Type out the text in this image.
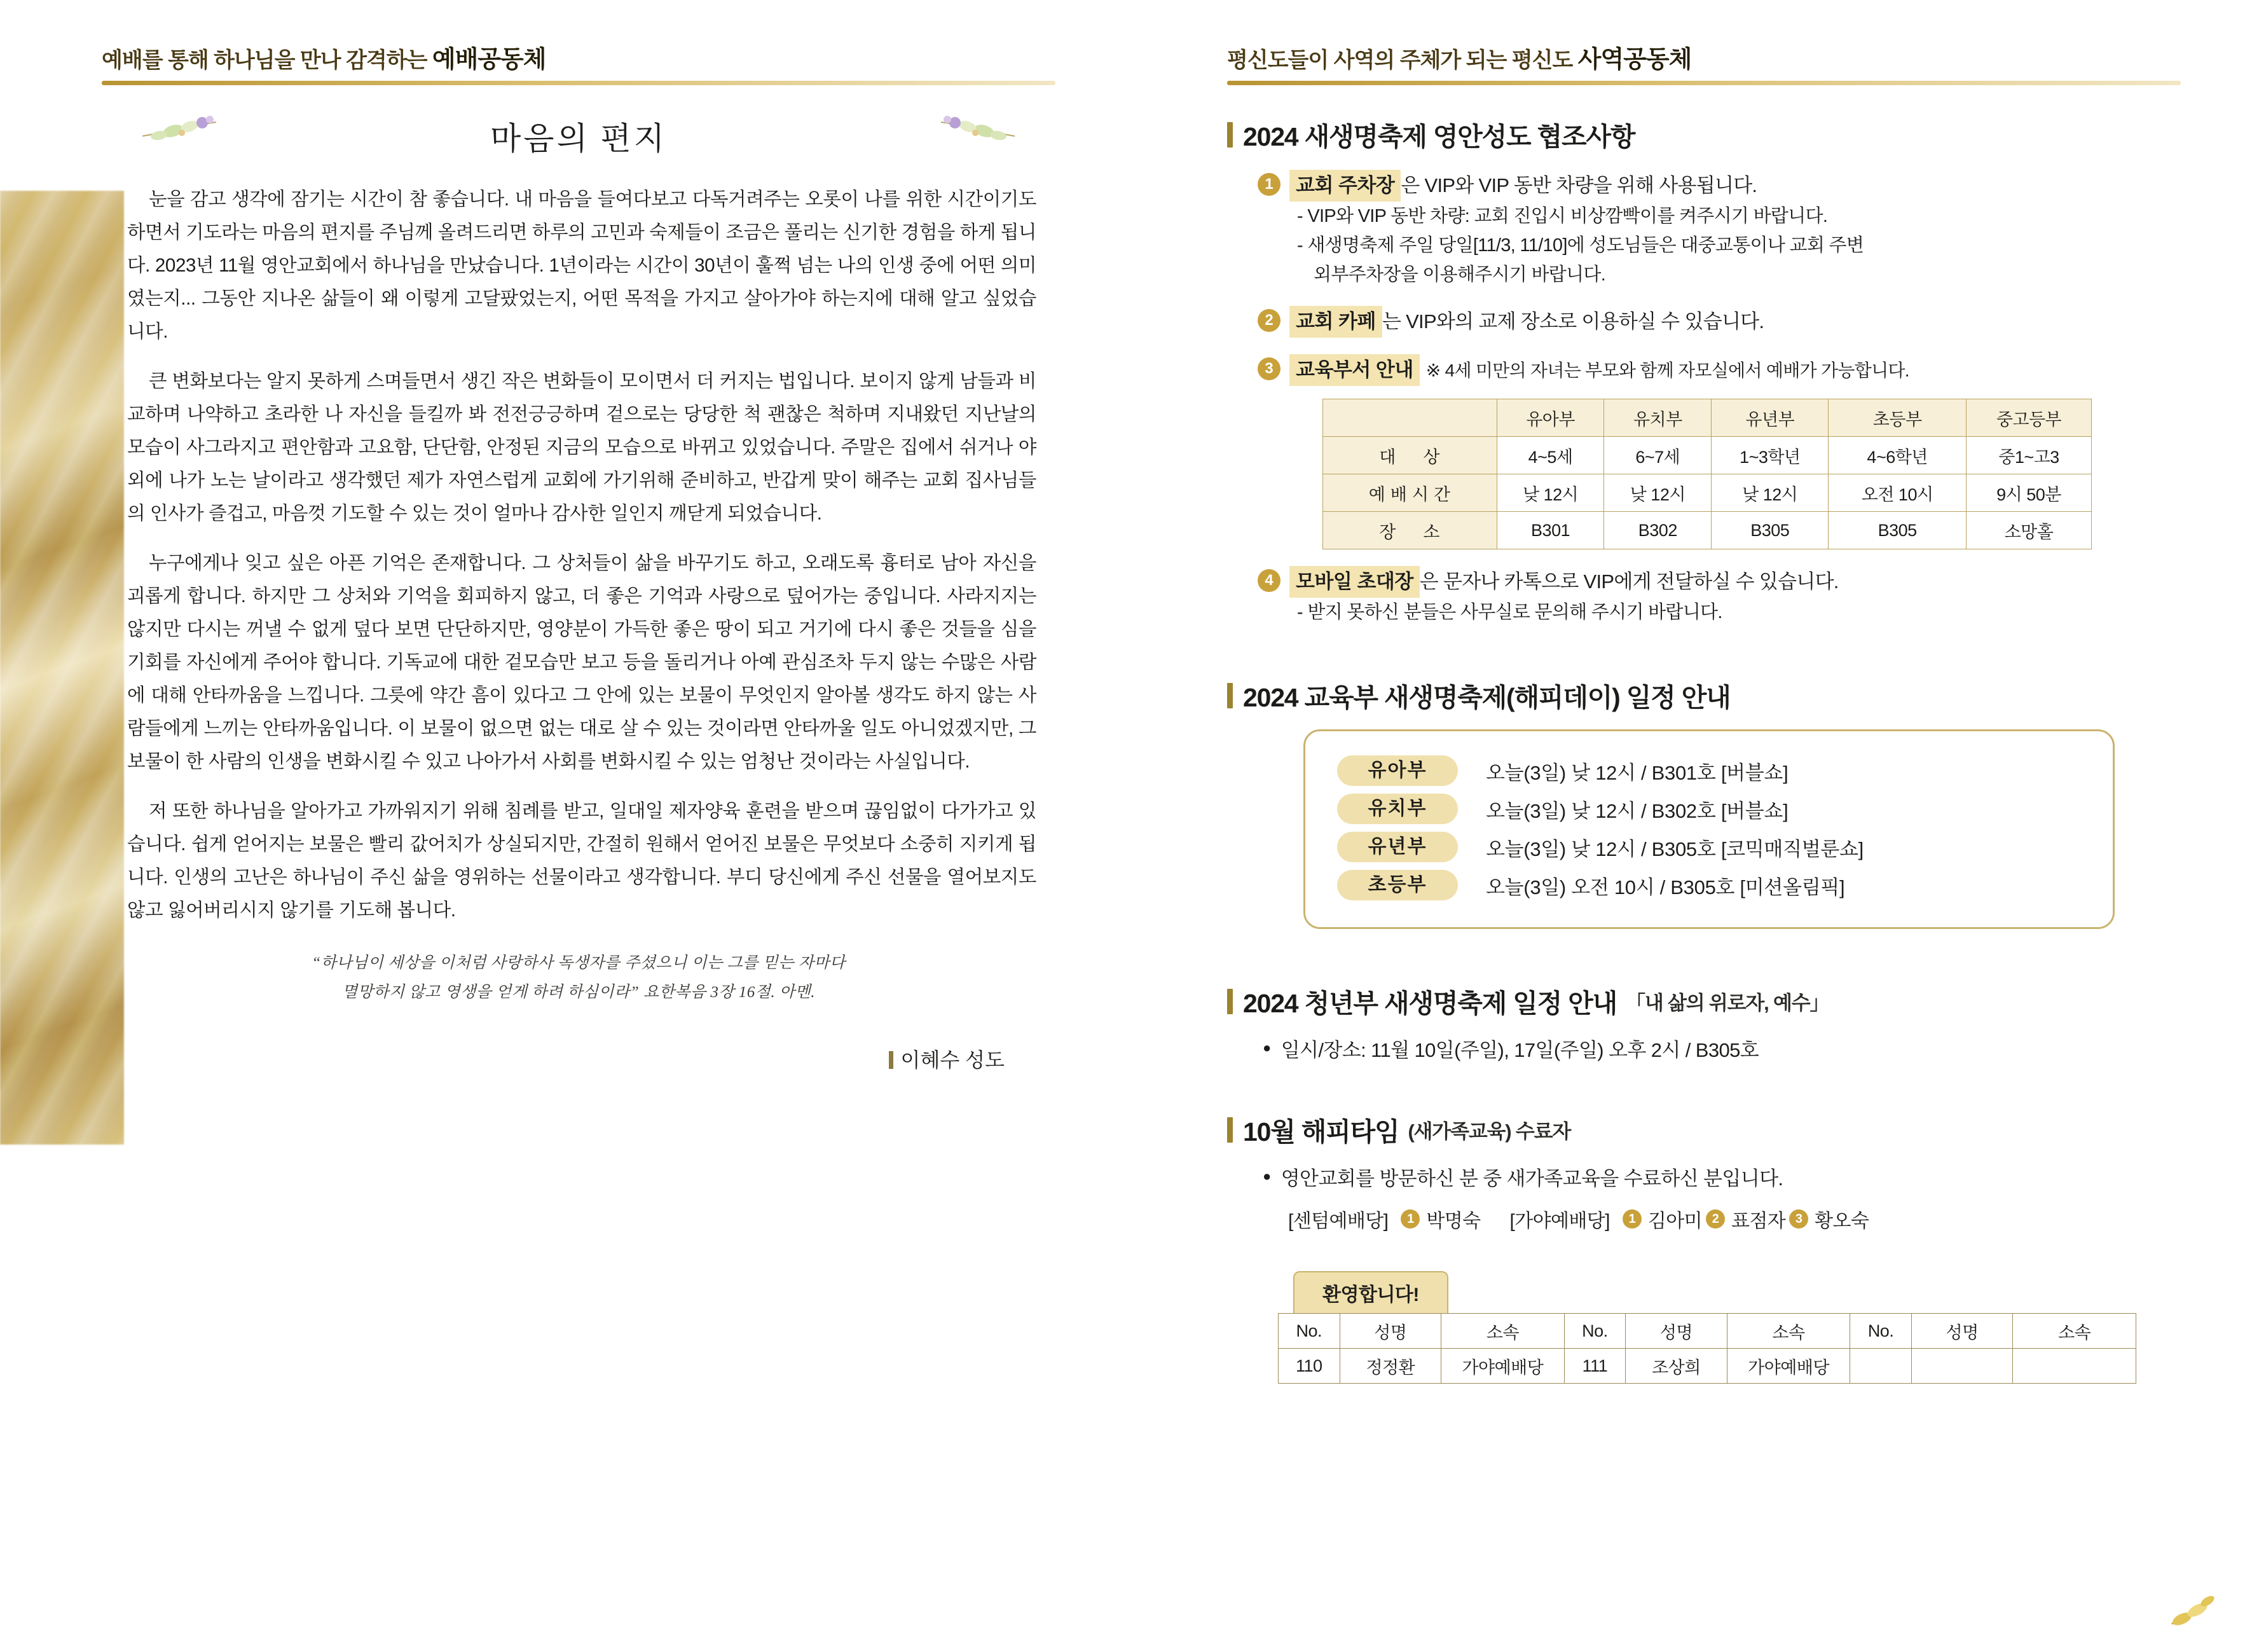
예배를 통해 하나님을 만나 감격하는 예배공동체
마음의 편지

눈을 감고 생각에 잠기는 시간이 참 좋습니다. 내 마음을 들여다보고 다독거려주는 오롯이 나를 위한 시간이기도 하면서 기도라는 마음의 편지를 주님께 올려드리면 하루의 고민과 숙제들이 조금은 풀리는 신기한 경험을 하게 됩니다. 2023년 11월 영안교회에서 하나님을 만났습니다. 1년이라는 시간이 30년이 훌쩍 넘는 나의 인생 중에 어떤 의미였는지... 그동안 지나온 삶들이 왜 이렇게 고달팠었는지, 어떤 목적을 가지고 살아가야 하는지에 대해 알고 싶었습니다.

큰 변화보다는 알지 못하게 스며들면서 생긴 작은 변화들이 모이면서 더 커지는 법입니다. 보이지 않게 남들과 비교하며 나약하고 초라한 나 자신을 들킬까 봐 전전긍긍하며 겉으로는 당당한 척 괜찮은 척하며 지내왔던 지난날의 모습이 사그라지고 편안함과 고요함, 단단함, 안정된 지금의 모습으로 바뀌고 있었습니다. 주말은 집에서 쉬거나 야외에 나가 노는 날이라고 생각했던 제가 자연스럽게 교회에 가기위해 준비하고, 반갑게 맞이 해주는 교회 집사님들의 인사가 즐겁고, 마음껏 기도할 수 있는 것이 얼마나 감사한 일인지 깨닫게 되었습니다.

누구에게나 잊고 싶은 아픈 기억은 존재합니다. 그 상처들이 삶을 바꾸기도 하고, 오래도록 흉터로 남아 자신을 괴롭게 합니다. 하지만 그 상처와 기억을 회피하지 않고, 더 좋은 기억과 사랑으로 덮어가는 중입니다. 사라지지는 않지만 다시는 꺼낼 수 없게 덮다 보면 단단하지만, 영양분이 가득한 좋은 땅이 되고 거기에 다시 좋은 것들을 심을 기회를 자신에게 주어야 합니다. 기독교에 대한 겉모습만 보고 등을 돌리거나 아예 관심조차 두지 않는 수많은 사람에 대해 안타까움을 느낍니다. 그릇에 약간 흠이 있다고 그 안에 있는 보물이 무엇인지 알아볼 생각도 하지 않는 사람들에게 느끼는 안타까움입니다. 이 보물이 없으면 없는 대로 살 수 있는 것이라면 안타까울 일도 아니었겠지만, 그 보물이 한 사람의 인생을 변화시킬 수 있고 나아가서 사회를 변화시킬 수 있는 엄청난 것이라는 사실입니다.

저 또한 하나님을 알아가고 가까워지기 위해 침례를 받고, 일대일 제자양육 훈련을 받으며 끊임없이 다가가고 있습니다. 쉽게 얻어지는 보물은 빨리 값어치가 상실되지만, 간절히 원해서 얻어진 보물은 무엇보다 소중히 지키게 됩니다. 인생의 고난은 하나님이 주신 삶을 영위하는 선물이라고 생각합니다. 부디 당신에게 주신 선물을 열어보지도 않고 잃어버리시지 않기를 기도해 봅니다.

“하나님이 세상을 이처럼 사랑하사 독생자를 주셨으니 이는 그를 믿는 자마다
멸망하지 않고 영생을 얻게 하려 하심이라” 요한복음 3장 16절. 아멘.
이혜수 성도
평신도들이 사역의 주체가 되는 평신도 사역공동체
2024 새생명축제 영안성도 협조사항
1	교회 주차장 은 VIP와 VIP 동반 차량을 위해 사용됩니다.
- VIP와 VIP 동반 차량: 교회 진입시 비상깜빡이를 켜주시기 바랍니다.
- 새생명축제 주일 당일[11/3, 11/10]에 성도님들은 대중교통이나 교회 주변
외부주차장을 이용해주시기 바랍니다.
2	교회 카페 는 VIP와의 교제 장소로 이용하실 수 있습니다.
3	교육부서 안내 ※ 4세 미만의 자녀는 부모와 함께 자모실에서 예배가 가능합니다.
	유아부	유치부	유년부	초등부	중고등부
대　상	4~5세	6~7세	1~3학년	4~6학년	중1~고3
예배시간	낮 12시	낮 12시	낮 12시	오전 10시	9시 50분
장　소	B301	B302	B305	B305	소망홀
4	모바일 초대장 은 문자나 카톡으로 VIP에게 전달하실 수 있습니다.
- 받지 못하신 분들은 사무실로 문의해 주시기 바랍니다.
2024 교육부 새생명축제(해피데이) 일정 안내
유아부	오늘(3일) 낮 12시 / B301호 [버블쇼]
유치부	오늘(3일) 낮 12시 / B302호 [버블쇼]
유년부	오늘(3일) 낮 12시 / B305호 [코믹매직벌룬쇼]
초등부	오늘(3일) 오전 10시 / B305호 [미션올림픽]
2024 청년부 새생명축제 일정 안내 「내 삶의 위로자, 예수」
● 일시/장소: 11월 10일(주일), 17일(주일) 오후 2시 / B305호
10월 해피타임 (새가족교육) 수료자
● 영안교회를 방문하신 분 중 새가족교육을 수료하신 분입니다.
[센텀예배당]	1 박명숙 [가야예배당]	1 김아미 2 표점자 3 황오숙
환영합니다!
No.	성명	소속	No.	성명	소속	No.	성명	소속
110	정정환	가야예배당	111	조상희	가야예배당			
